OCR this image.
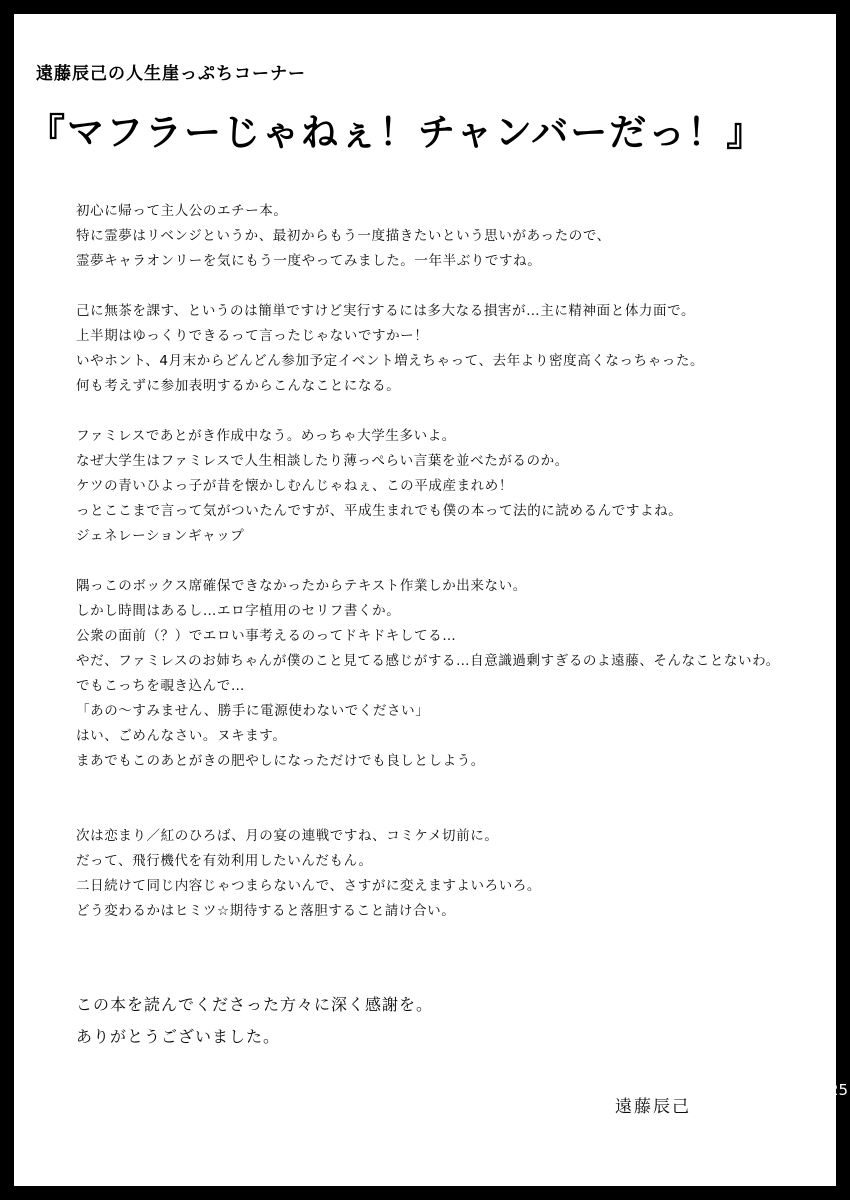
遠藤辰己の人生崖っぷちコーナー
『マフラーじゃねぇ！チャンバーだっ！』

初心に帰って主人公のエチー本。

特に霊夢はリベンジというか、最初からもう一度描きたいという思いがあったので、

霊夢キャラオンリーを気にもう一度やってみました。一年半ぶりですね。

己に無茶を課す、というのは簡単ですけど実行するには多大なる損害が…主に精神面と体力面で。

上半期はゆっくりできるって言ったじゃないですかー！

いやホント、4月末からどんどん参加予定イベント増えちゃって、去年より密度高くなっちゃった。

何も考えずに参加表明するからこんなことになる。

ファミレスであとがき作成中なう。めっちゃ大学生多いよ。

なぜ大学生はファミレスで人生相談したり薄っぺらい言葉を並べたがるのか。

ケツの青いひよっ子が昔を懐かしむんじゃねぇ、この平成産まれめ！

っとここまで言って気がついたんですが、平成生まれでも僕の本って法的に読めるんですよね。

ジェネレーションギャップ

隅っこのボックス席確保できなかったからテキスト作業しか出来ない。

しかし時間はあるし…エロ字植用のセリフ書くか。

公衆の面前（？）でエロい事考えるのってドキドキしてる…

やだ、ファミレスのお姉ちゃんが僕のこと見てる感じがする…自意識過剰すぎるのよ遠藤、そんなことないわ。

でもこっちを覗き込んで…

「あの〜すみません、勝手に電源使わないでください」

はい、ごめんなさい。ヌキます。

まあでもこのあとがきの肥やしになっただけでも良しとしよう。

次は恋まり／紅のひろば、月の宴の連戦ですね、コミケメ切前に。

だって、飛行機代を有効利用したいんだもん。

二日続けて同じ内容じゃつまらないんで、さすがに変えますよいろいろ。

どう変わるかはヒミツ☆期待すると落胆すること請け合い。

この本を読んでくださった方々に深く感謝を。

ありがとうございました。

遠藤辰己
25
